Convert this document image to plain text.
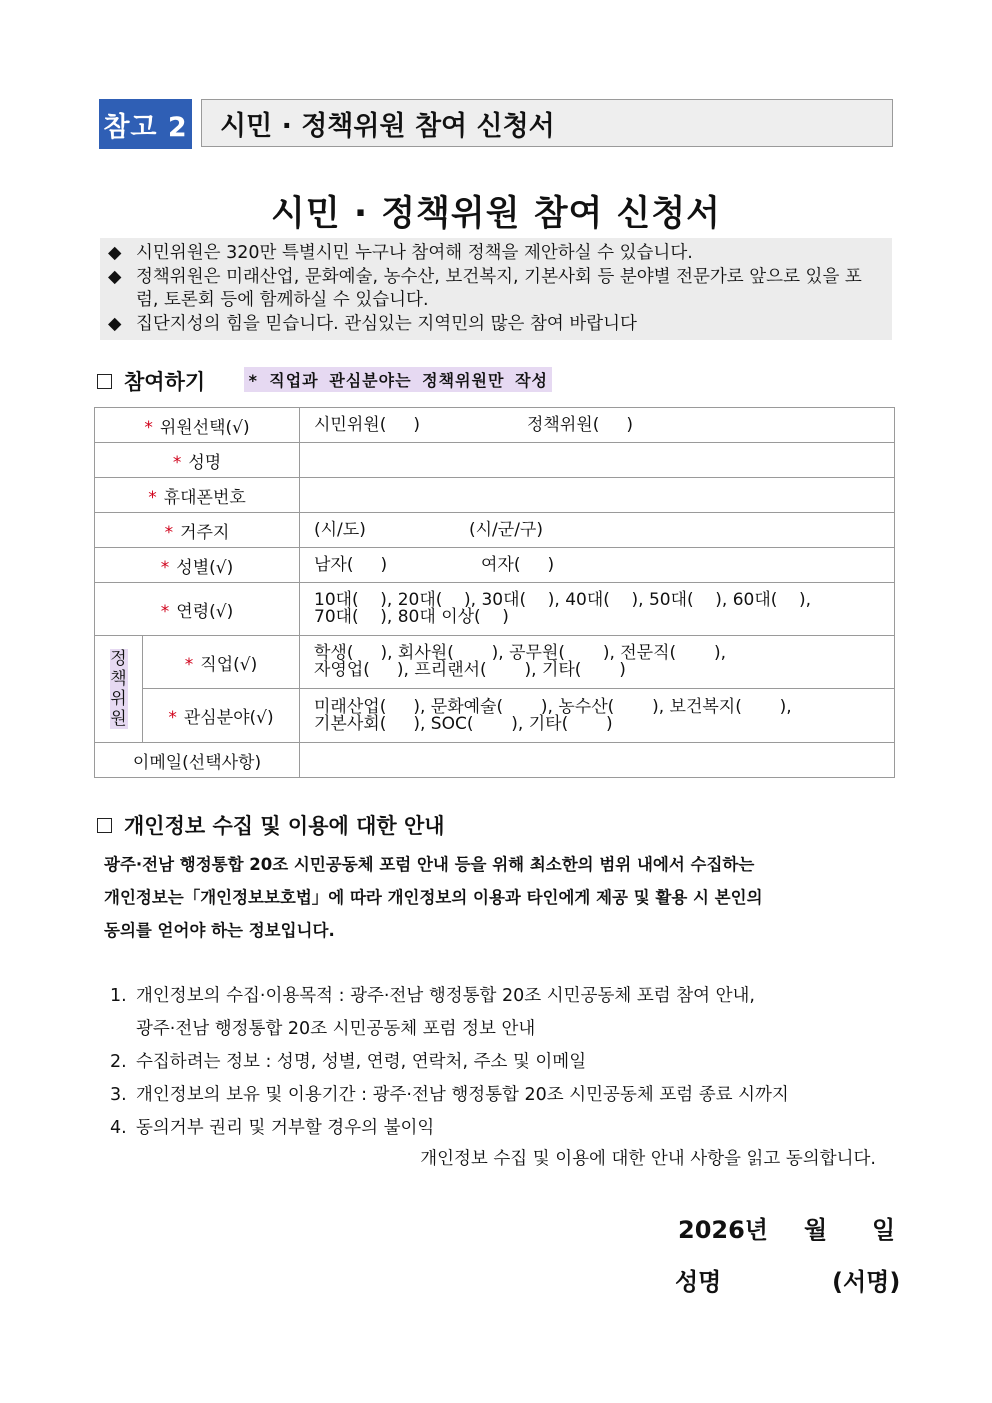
참고 2	시민 · 정책위원 참여 신청서
시민 · 정책위원 참여 신청서
◆ 시민위원은 320만 특별시민 누구나 참여해 정책을 제안하실 수 있습니다.
◆ 정책위원은 미래산업, 문화예술, 농수산, 보건복지, 기본사회 등 분야별 전문가로 앞으로 있을 포럼, 토론회 등에 함께하실 수 있습니다.
◆ 집단지성의 힘을 믿습니다. 관심있는 지역민의 많은 참여 바랍니다
참여하기	* 직업과 관심분야는 정책위원만 작성
* 위원선택(√)		시민위원(     ) 정책위원(     )
* 성명		
* 휴대폰번호		
* 거주지		(시/도) (시/군/구)
* 성별(√)		남자(     ) 여자(     )
* 연령(√)		10대(    ), 20대(    ), 30대(    ), 40대(    ), 50대(    ), 60대(    ),
70대(    ), 80대 이상(    )

정책위원	* 직업(√)	학생(     ), 회사원(       ), 공무원(       ), 전문직(       ),
자영업(     ), 프리랜서(       ), 기타(       )

	* 관심분야(√)	미래산업(     ), 문화예술(       ), 농수산(       ), 보건복지(       ),
기본사회(     ), SOC(       ), 기타(       )

이메일(선택사항)		
개인정보 수집 및 이용에 대한 안내
광주·전남 행정통합 20조 시민공동체 포럼 안내 등을 위해 최소한의 범위 내에서 수집하는
개인정보는「개인정보보호법」에 따라 개인정보의 이용과 타인에게 제공 및 활용 시 본인의
동의를 얻어야 하는 정보입니다.
1. 개인정보의 수집·이용목적 : 광주·전남 행정통합 20조 시민공동체 포럼 참여 안내,
광주·전남 행정통합 20조 시민공동체 포럼 정보 안내
2. 수집하려는 정보 : 성명, 성별, 연령, 연락처, 주소 및 이메일
3. 개인정보의 보유 및 이용기간 : 광주·전남 행정통합 20조 시민공동체 포럼 종료 시까지
4. 동의거부 권리 및 거부할 경우의 불이익
개인정보 수집 및 이용에 대한 안내 사항을 읽고 동의합니다.
2026년 월 일
성명	(서명)
